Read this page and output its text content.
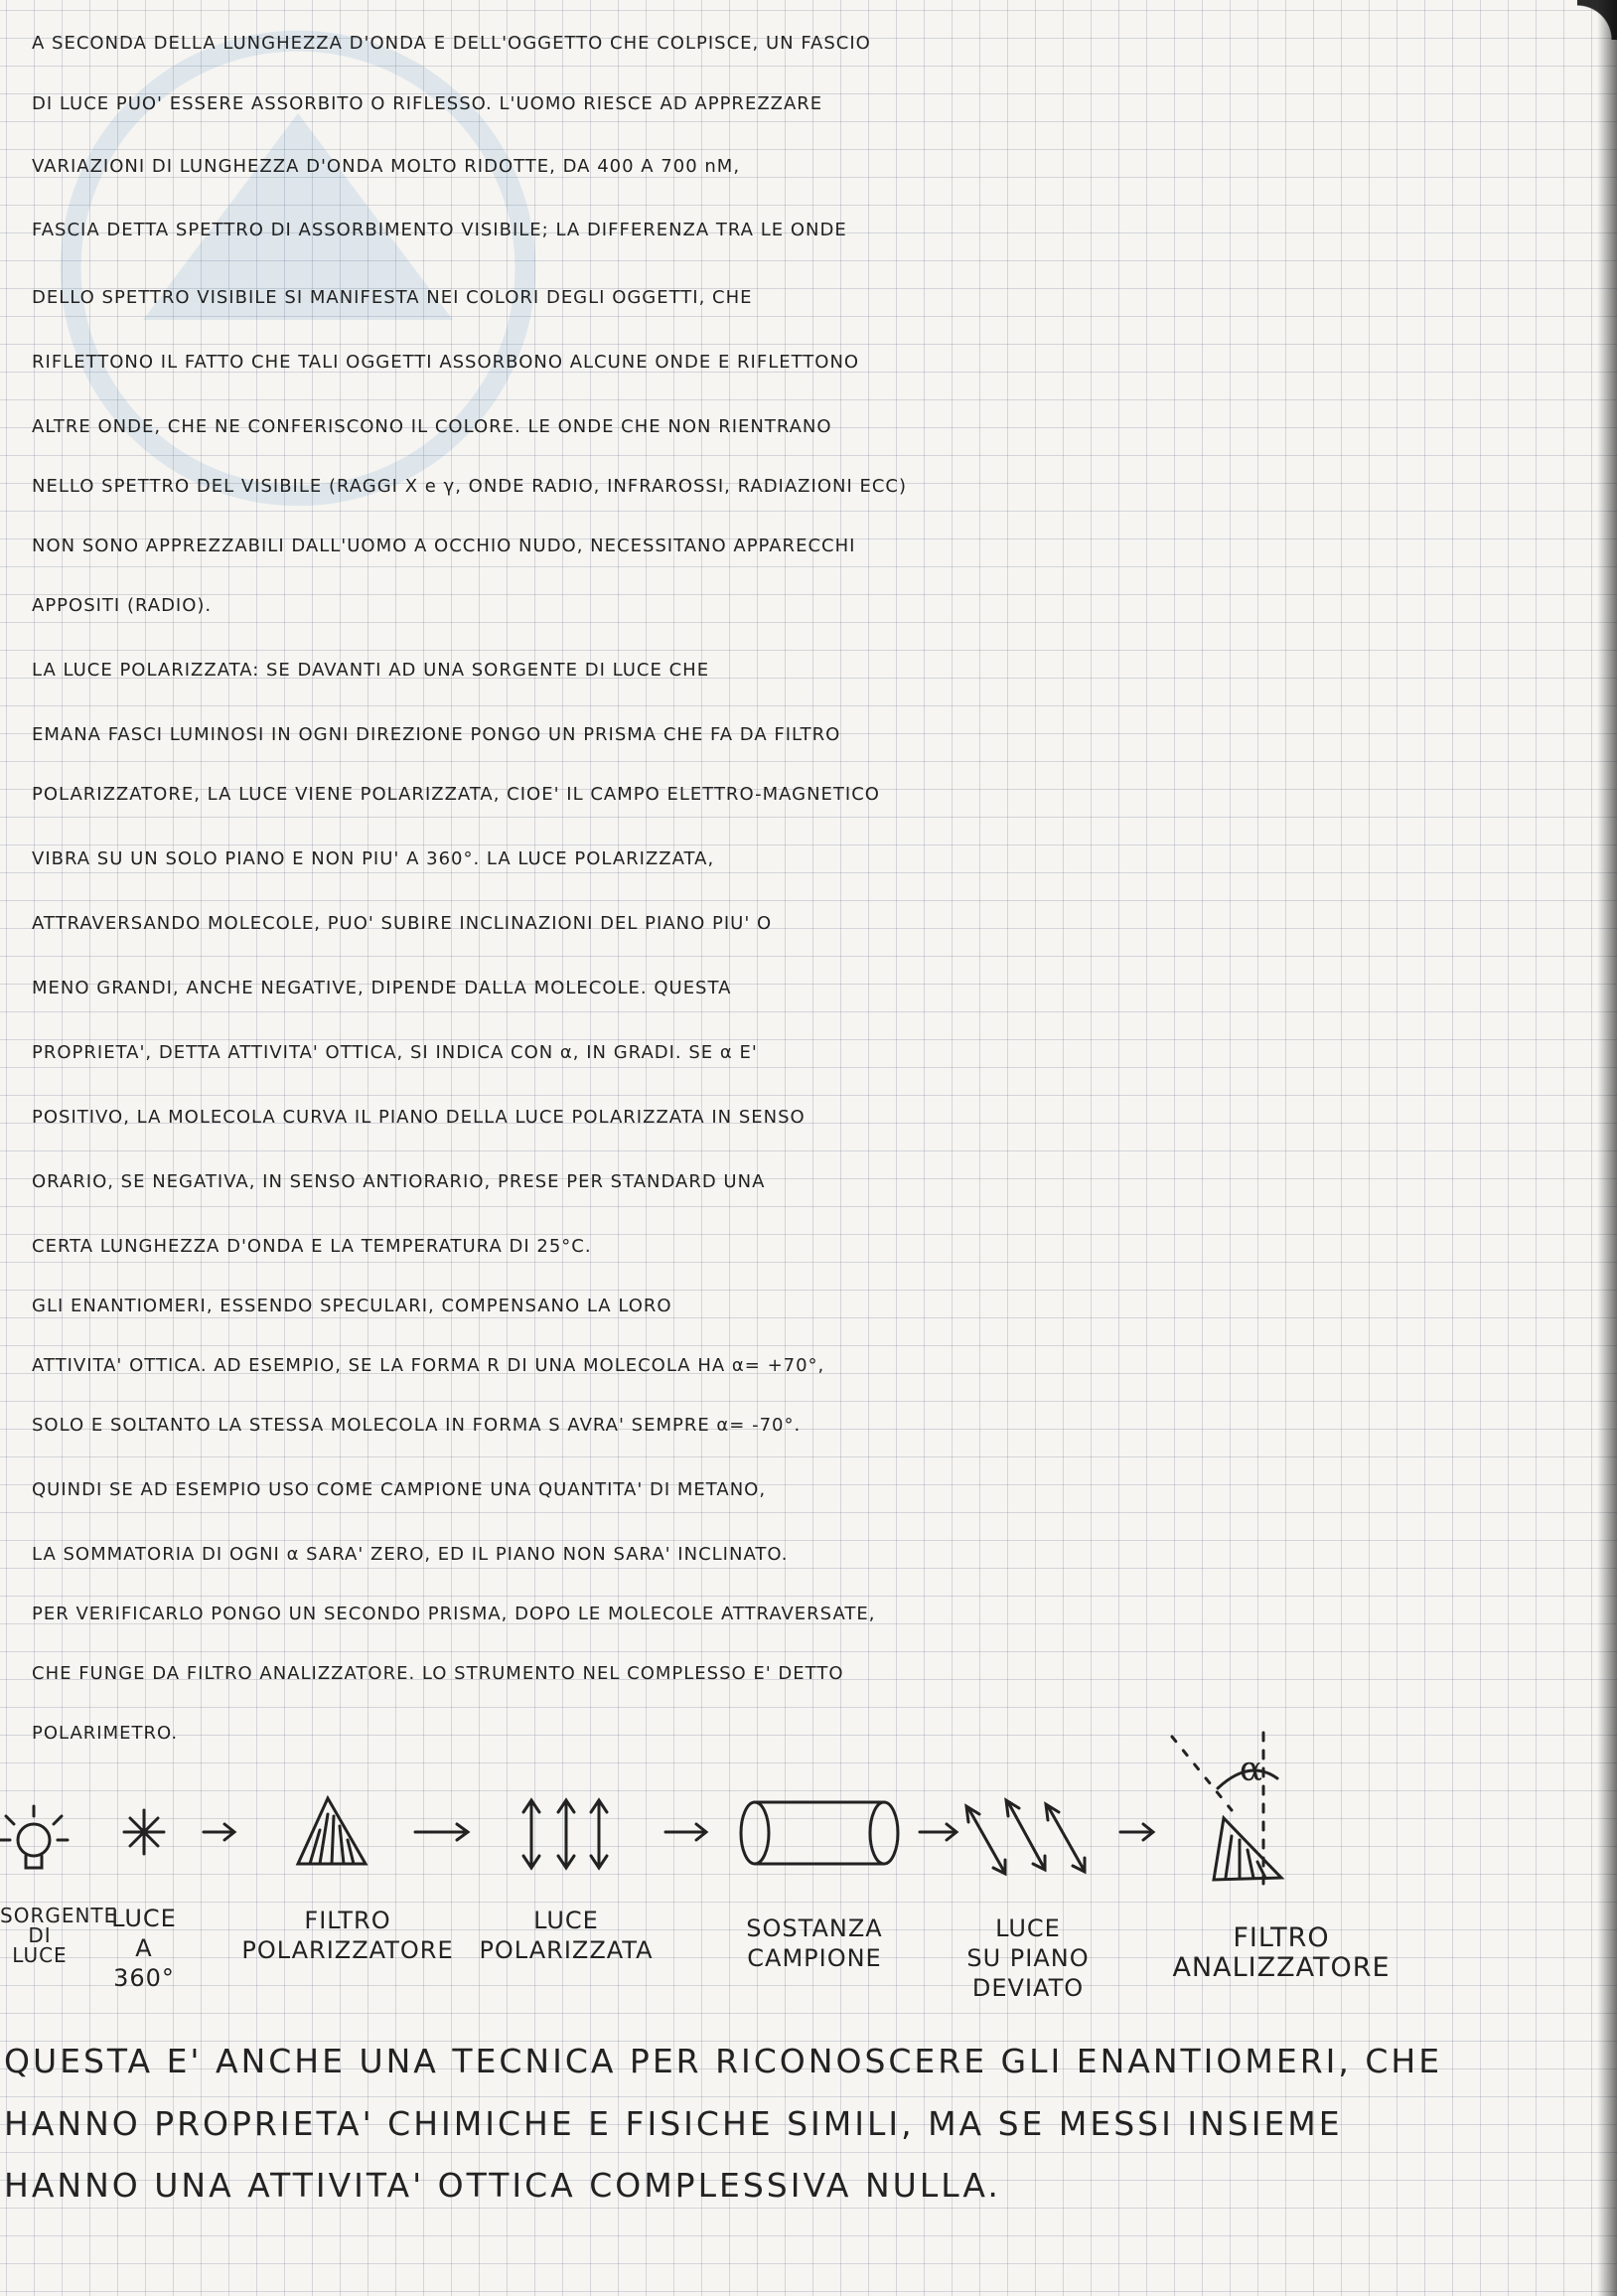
A SECONDA DELLA LUNGHEZZA D'ONDA E DELL'OGGETTO CHE COLPISCE, UN FASCIO
DI LUCE PUO' ESSERE ASSORBITO O RIFLESSO. L'UOMO RIESCE AD APPREZZARE
VARIAZIONI DI LUNGHEZZA D'ONDA MOLTO RIDOTTE, DA 400 A 700 nM,
FASCIA DETTA SPETTRO DI ASSORBIMENTO VISIBILE; LA DIFFERENZA TRA LE ONDE
DELLO SPETTRO VISIBILE SI MANIFESTA NEI COLORI DEGLI OGGETTI, CHE
RIFLETTONO IL FATTO CHE TALI OGGETTI ASSORBONO ALCUNE ONDE E RIFLETTONO
ALTRE ONDE, CHE NE CONFERISCONO IL COLORE. LE ONDE CHE NON RIENTRANO
NELLO SPETTRO DEL VISIBILE (RAGGI X e γ, ONDE RADIO, INFRAROSSI, RADIAZIONI ECC)
NON SONO APPREZZABILI DALL'UOMO A OCCHIO NUDO, NECESSITANO APPARECCHI
APPOSITI (RADIO).
LA LUCE POLARIZZATA: SE DAVANTI AD UNA SORGENTE DI LUCE CHE
EMANA FASCI LUMINOSI IN OGNI DIREZIONE PONGO UN PRISMA CHE FA DA FILTRO
POLARIZZATORE, LA LUCE VIENE POLARIZZATA, CIOE' IL CAMPO ELETTRO-MAGNETICO
VIBRA SU UN SOLO PIANO E NON PIU' A 360°. LA LUCE POLARIZZATA,
ATTRAVERSANDO MOLECOLE, PUO' SUBIRE INCLINAZIONI DEL PIANO PIU' O
MENO GRANDI, ANCHE NEGATIVE, DIPENDE DALLA MOLECOLE. QUESTA
PROPRIETA', DETTA ATTIVITA' OTTICA, SI INDICA CON α, IN GRADI. SE α E'
POSITIVO, LA MOLECOLA CURVA IL PIANO DELLA LUCE POLARIZZATA IN SENSO
ORARIO, SE NEGATIVA, IN SENSO ANTIORARIO, PRESE PER STANDARD UNA
CERTA LUNGHEZZA D'ONDA E LA TEMPERATURA DI 25°C.
GLI ENANTIOMERI, ESSENDO SPECULARI, COMPENSANO LA LORO
ATTIVITA' OTTICA. AD ESEMPIO, SE LA FORMA R DI UNA MOLECOLA HA α= +70°,
SOLO E SOLTANTO LA STESSA MOLECOLA IN FORMA S AVRA' SEMPRE α= -70°.
QUINDI SE AD ESEMPIO USO COME CAMPIONE UNA QUANTITA' DI METANO,
LA SOMMATORIA DI OGNI α SARA' ZERO, ED IL PIANO NON SARA' INCLINATO.
PER VERIFICARLO PONGO UN SECONDO PRISMA, DOPO LE MOLECOLE ATTRAVERSATE,
CHE FUNGE DA FILTRO ANALIZZATORE. LO STRUMENTO NEL COMPLESSO E' DETTO
POLARIMETRO.
α
SORGENTE
DI
LUCE
LUCE
A
360°
FILTRO
POLARIZZATORE
LUCE
POLARIZZATA
SOSTANZA
CAMPIONE
LUCE
SU PIANO
DEVIATO
FILTRO
ANALIZZATORE
QUESTA E' ANCHE UNA TECNICA PER RICONOSCERE GLI ENANTIOMERI, CHE
HANNO PROPRIETA' CHIMICHE E FISICHE SIMILI, MA SE MESSI INSIEME
HANNO UNA ATTIVITA' OTTICA COMPLESSIVA NULLA.
